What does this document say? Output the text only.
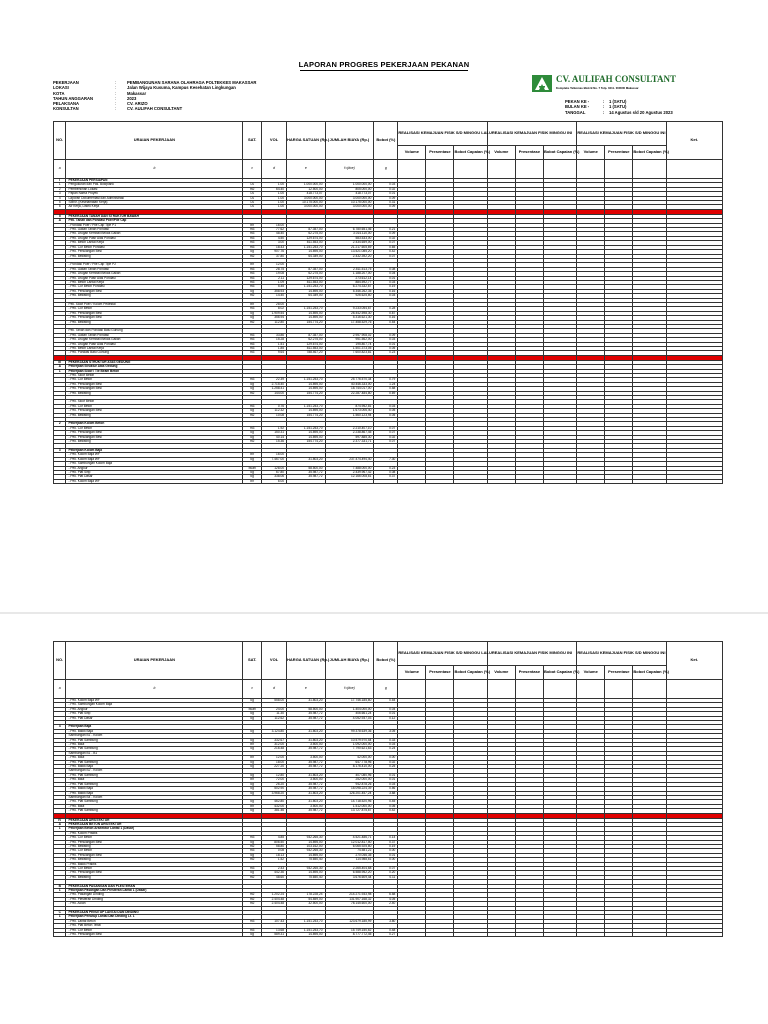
LAPORAN PROGRES PEKERJAAN PEKANAN
PEKERJAAN	:	PEMBANGUNAN SARANA OLAHRAGA POLTEKKES MAKASSAR
LOKASI	:	Jalan Wijaya Kusuma, Kampus Kesehatan Lingkungan
KOTA	:	Makassar
TAHUN ANGGARAN	:	2023
PELAKSANA	:	CV. ARIZO
KONSULTAN	:	CV. AULIFAH CONSULTANT
CV. AULIFAH CONSULTANT
Kompleks Telkomas Blok B No. 7 Telp. 0411- 000000 Makassar
PEKAN KE -	:	1 (SATU)
BULAN KE -	:	1 (SATU)
TANGGAL	:	14 Agustus s/d 20 Agustus 2023
NO.	URAIAN PEKERJAAN	SAT.	VOL	HARGA SATUAN (Rp.)	JUMLAH BIAYA (Rp.)	Bobot (%)	REALISASI KEMAJUAN FISIK S/D MINGGU LALU			REALISASI KEMAJUAN FISIK MINGGU INI			REALISASI KEMAJUAN FISIK S/D MINGGU INI			Ket.
							Volume	Presentase	Bobot Capaian (%)	Volume	Presentase	Bobot Capaian (%)	Volume	Presentase	Bobot Capaian (%)	
a	b	c	d	e	f=(dxe)	g										
I	PEKERJAAN PERSIAPAN															
1	Pengukuran dan Pas. Bowplank	Ls	1.00	1.000.000,00	1.000.000,00	0.03										
2	Pembersihan Lokasi	m2	64.40	12.500,00	805.000,00	0.02										
3	Papan Nama Proyek	Ls	1.00	418.773,07	418.773,07	0.01										
4	Laporan Dokumentasi dan Administrasi	Ls	1.00	3.000.000,00	3.000.000,00	0.09										
5	SMKK (Keselamatan Kerja)	Ls	1.00	10.175.000,00	10.175.000,00	0.31										
6	Air Kerja, Listrik Kerja	Ls	1.00	3.000.000,00	3.000.000,00	0.09										

II	PEKERJAAN TANAH DAN STRUKTUR BAWAH															
A	Pek. Tanah dan Pondasi Poer/Pile Cap															
	- Pondasi Poer / Pile Cap Tipe P1	bh	16.00													
	- Pek. Galian Tanah Pondasi	m3	77.62	87.357,00	6.780.651,46	0.21										
	- Pek. Urugan Kembali Bekas Galian	m3	48.40	62.275,00	3.014.110,00	0.09										
	- Pek. Urugan Pasir Alas Pondasi	m3	4.50	129.674,00	583.533,00	0.02										
	- Pek. Beton Lantai Kerja	m3	3.00	811.553,00	2.434.659,00	0.07										
	- Pek. Cor Beton Pondasi	m3	18.43	1.151.253,70	21.217.605,69	0.65										
	- Pek. Penulangan Besi	kg	907.76	14.895,00	13.521.085,20	0.42										
	- Pek. Bekisting	m2	37.80	64.349,00	2.432.392,20	0.07										

	- Pondasi Poer / Pile Cap Tipe P2	bh	12.00													
	- Pek. Galian Tanah Pondasi	m3	28.75	87.357,00	2.511.513,75	0.08										
	- Pek. Urugan Kembali Bekas Galian	m3	19.08	62.275,00	1.188.207,00	0.04										
	- Pek. Urugan Pasir Alas Pondasi	m3	2.11	129.674,00	273.612,14	0.01										
	- Pek. Beton Lantai Kerja	m3	1.09	811.553,00	884.592,77	0.03										
	- Pek. Cor Beton Pondasi	m3	5.45	1.151.253,70	6.274.332,67	0.19										
	- Pek. Penulangan Besi	kg	358.93	14.895,00	5.346.262,35	0.16										
	- Pek. Bekisting	m2	14.40	64.349,00	926.625,60	0.03										

	Pek. Sloof Poer / Kolom Pedestal	bh	28.00													
	- Pek. Cor Beton	m3	8.02	1.151.253,70	9.233.054,67	0.28										
	- Pek. Penulangan Besi	kg	1.909.54	14.895,00	28.442.598,30	0.87										
	- Pek. Penulangan Besi	kg	356.94	14.895,00	5.316.621,30	0.16										
	- Pek. Bekisting	m2	112.80	154.774,20	17.458.529,76	0.54										

	Pek. Tanah dan Pondasi Batu Gunung															
	- Pek. Galian Tanah Pondasi	m3	33.86	87.357,00	2.957.908,02	0.09										
	- Pek. Urugan Kembali Bekas Galian	m3	15.28	62.275,00	951.562,00	0.03										
	- Pek. Urugan Pasir Alas Pondasi	m3	1.51	129.674,00	195.807,74	0.01										
	- Pek. Beton Lantai Kerja	m3	1.85	811.553,00	1.501.373,05	0.05										
	- Pek. Pondasi Batu Gunung	m3	9.64	788.467,20	7.600.823,81	0.23										

III	PEKERJAAN STRUKTUR ATAS GEDUNG															
A	Pekerjaan Struktur Atas Gedung															
1	Pekerjaan Sloof / Tie Beam Beton															
	- Pek. Sloof Beton															
	- Pek. Cor Beton	m3	22.39	1.151.253,70	25.776.570,34	0.79										
	- Pek. Penulangan Besi	kg	2.715.40	14.895,00	40.446.333,00	1.24										
	- Pek. Penulangan Besi	kg	1.258.41	14.895,00	18.744.017,00	0.58										
	- Pek. Bekisting	m2	144.00	154.774,20	22.287.484,80	0.69										

	- Pek. Sloof Beton															
	- Pek. Cor Beton	m3	0.76	1.151.253,70	874.952,81	0.03										
	- Pek. Penulangan Besi	kg	112.32	14.895,00	1.673.006,40	0.05										
	- Pek. Bekisting	m2	10.08	154.774,20	1.560.123,94	0.05										

2	Pekerjaan Kolom Beton															
	- Pek. Cor Beton	m3	1.92	1.151.253,70	2.210.407,10	0.07										
	- Pek. Penulangan Besi	kg	150.31	14.895,00	2.238.867,45	0.07										
	- Pek. Penulangan Besi	kg	40.14	14.895,00	597.885,30	0.02										
	- Pek. Bekisting	m2	15.36	154.774,20	2.377.331,71	0.07										

3	Pekerjaan Kolom Baja															
	- Pek. Kolom Baja WF	bh	16.00													
	- Pek. Kolom Baja WF	kg	7.467.00	31.803,20	237.474.494,40	7.30										
	- Pek. Sambungan Kolom Baja															
	- Pek. Angkur	buah	128.00	58.500,00	7.488.000,00	0.23										
	- Pek. Plat Sirip	kg	67.80	35.987,72	2.439.967,42	0.08										
	- Pek. Plat Dasar	kg	338.06	35.987,72	12.166.008,61	0.37										
	- Pek. Kolom Baja WF	bh	6.00													
NO.	URAIAN PEKERJAAN	SAT.	VOL	HARGA SATUAN (Rp.)	JUMLAH BIAYA (Rp.)	Bobot (%)	REALISASI KEMAJUAN FISIK S/D MINGGU LALU			REALISASI KEMAJUAN FISIK MINGGU INI			REALISASI KEMAJUAN FISIK S/D MINGGU INI			Ket.
							Volume	Presentase	Bobot Capaian (%)	Volume	Presentase	Bobot Capaian (%)	Volume	Presentase	Bobot Capaian (%)	
a	b	c	d	e	f=(dxe)	g										
	- Pek. Kolom Baja WF	kg	558.00	31.803,20	17.746.185,60	0.54										
	- Pek. Sambungan Kolom Baja															
	- Pek. Angkur	buah	24.00	58.500,00	1.404.000,00	0.04										
	- Pek. Plat Sirip	kg	11.30	35.987,72	406.661,24	0.01										
	- Pek. Plat Dasar	kg	112.62	35.987,72	4.052.937,03	0.12										

4	Pekerjaan Baja															
	- Pek. Balok Baja	kg	3.124.80	31.803,20	99.378.639,36	3.05										
	Sambungan B1 - Kolom															
	- Pek. Plat Sambung	kg	332.67	31.803,20	10.579.970,54	0.33										
	- Pek. Baut	bh	312.00	3.500,00	1.092.000,00	0.03										
	- Pek. Plat Sambung	kg	216.48	35.987,72	7.790.621,63	0.24										
	Sambungan B1 - B1															
	- Pek. Baut	bh	12.00	3.500,00	42.000,00	0.00										
	- Pek. Plat Sambung	kg	18.00	35.987,72	647.778,96	0.02										
	- Pek. Balok Baja	kg	227.20	35.987,72	8.176.410,00	0.25										
	Sambungan B2 - Kolom															
	- Pek. Plat Sambung	kg	12.80	31.803,20	407.080,96	0.01										
	- Pek. Baut	bh	72.00	3.500,00	252.000,00	0.01										
	- Pek. Plat Sambung	kg	26.20	35.987,72	942.878,26	0.03										
	- Pek. Balok Baja	kg	502.90	35.987,72	18.098.224,39	0.56										
	- Pek. Balok Baja	kg	3.968.20	31.803,20	126.201.457,24	3.88										
	Sambungan B4 - Kolom															
	- Pek. Plat Sambung	kg	462.80	31.803,20	14.718.520,96	0.45										
	- Pek. Baut	bh	432.00	3.500,00	1.512.000,00	0.05										
	- Pek. Plat Sambung	kg	381.46	35.987,72	13.727.875,67	0.42										

IV	PEKERJAAN ARSITEKTUR															
A	PEKERJAAN BETON ARSITEKTUR															
1	Pekerjaan Beton Arsitektur Lantai 1 (Dasar)															
	- Pek. Kolom Praktis															
	- Pek. Cor Beton	m3	4.85	932.265,30	4.521.486,71	0.14										
	- Pek. Penulangan Besi	kg	806.50	14.895,00	12.012.817,50	0.37										
	- Pek. Bekisting	m2	58.80	103.162,00	6.065.925,60	0.19										
	- Pek. Cor Beton	m3	0.08	932.265,30	74.581,22	0.00										
	- Pek. Penulangan Besi	kg	18.13	14.895,00	270.046,35	0.01										
	- Pek. Bekisting	m2	1.52	75.650,40	114.988,61	0.00										
	- Pek. Balok Praktis															
	- Pek. Cor Beton	m3	2.43	932.265,30	2.265.404,68	0.07										
	- Pek. Penulangan Besi	kg	442.36	14.895,00	6.588.952,20	0.20										
	- Pek. Bekisting	m2	48.60	75.650,40	3.676.609,44	0.11										

B	PEKERJAAN PASANGAN DAN PLESTERAN															
1	Pekerjaan Pasangan Dan Plesteran Lantai 1 (Dasar)															
	- Pek. Pasangan Dinding	m2	1.202.24	178.228,24	214.271.933,98	6.58										
	- Pek. Plesteran Dinding	m2	2.404.48	54.859,00	131.907.168,32	4.05										
	- Pek. Acian	m2	2.404.48	32.500,00	78.145.600,00	2.40										

C	PEKERJAAN PENUTUP LANTAI DAN DINDING															
1	Pekerjaan Penutup Lantai Dan Dinding Lt. 1															
	- Pek. Lantai Beton	m3	107.43	1.151.253,70	123.679.185,99	3.80										
	- Pek. Plat Beton Tebal															
	- Pek. Cor Beton	m3	13.68	1.151.253,70	15.749.150,62	0.48										
	- Pek. Penulangan Besi	kg	589.31	14.895,00	8.777.772,45	0.27										
